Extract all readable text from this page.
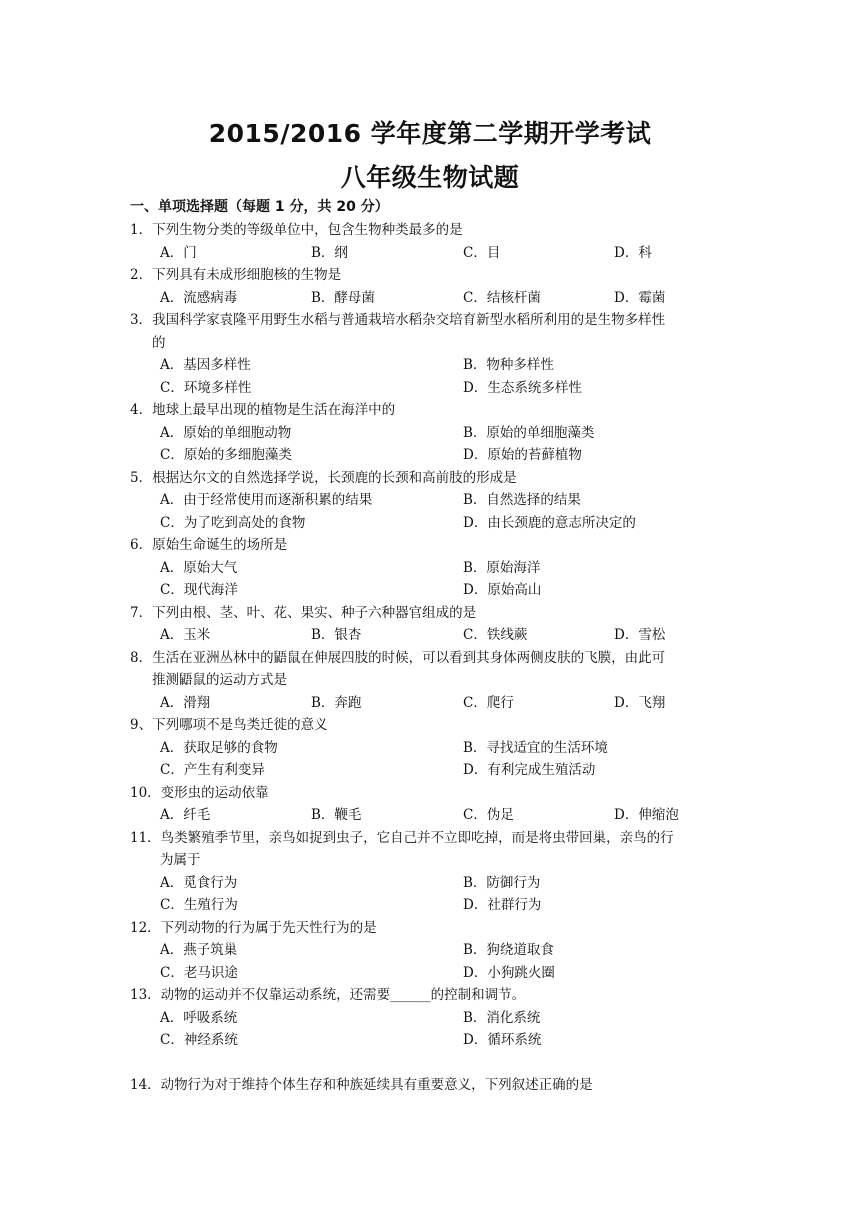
2015/2016 学年度第二学期开学考试
八年级生物试题
一、单项选择题（每题 1 分，共 20 分）
1．下列生物分类的等级单位中，包含生物种类最多的是
A．门	B．纲	C．目	D．科
2．下列具有未成形细胞核的生物是
A．流感病毒	B．酵母菌	C．结核杆菌	D．霉菌
3．我国科学家袁隆平用野生水稻与普通栽培水稻杂交培育新型水稻所利用的是生物多样性
的
A．基因多样性	B．物种多样性
C．环境多样性	D．生态系统多样性
4．地球上最早出现的植物是生活在海洋中的
A．原始的单细胞动物	B．原始的单细胞藻类
C．原始的多细胞藻类	D．原始的苔藓植物
5．根据达尔文的自然选择学说，长颈鹿的长颈和高前肢的形成是
A．由于经常使用而逐渐积累的结果	B．自然选择的结果
C．为了吃到高处的食物	D．由长颈鹿的意志所决定的
6．原始生命诞生的场所是
A．原始大气	B．原始海洋
C．现代海洋	D．原始高山
7．下列由根、茎、叶、花、果实、种子六种器官组成的是
A．玉米	B．银杏	C．铁线蕨	D．雪松
8．生活在亚洲丛林中的鼯鼠在伸展四肢的时候，可以看到其身体两侧皮肤的飞膜，由此可
推测鼯鼠的运动方式是
A．滑翔	B．奔跑	C．爬行	D．飞翔
9、下列哪项不是鸟类迁徙的意义
A．获取足够的食物	B．寻找适宜的生活环境
C．产生有利变异	D．有利完成生殖活动
10．变形虫的运动依靠
A．纤毛	B．鞭毛	C．伪足	D．伸缩泡
11．鸟类繁殖季节里，亲鸟如捉到虫子，它自己并不立即吃掉，而是将虫带回巢，亲鸟的行
为属于
A．觅食行为	B．防御行为
C．生殖行为	D．社群行为
12．下列动物的行为属于先天性行为的是
A．燕子筑巢	B．狗绕道取食
C．老马识途	D．小狗跳火圈
13．动物的运动并不仅靠运动系统，还需要______的控制和调节。
A．呼吸系统	B．消化系统
C．神经系统	D．循环系统
14．动物行为对于维持个体生存和种族延续具有重要意义，下列叙述正确的是
